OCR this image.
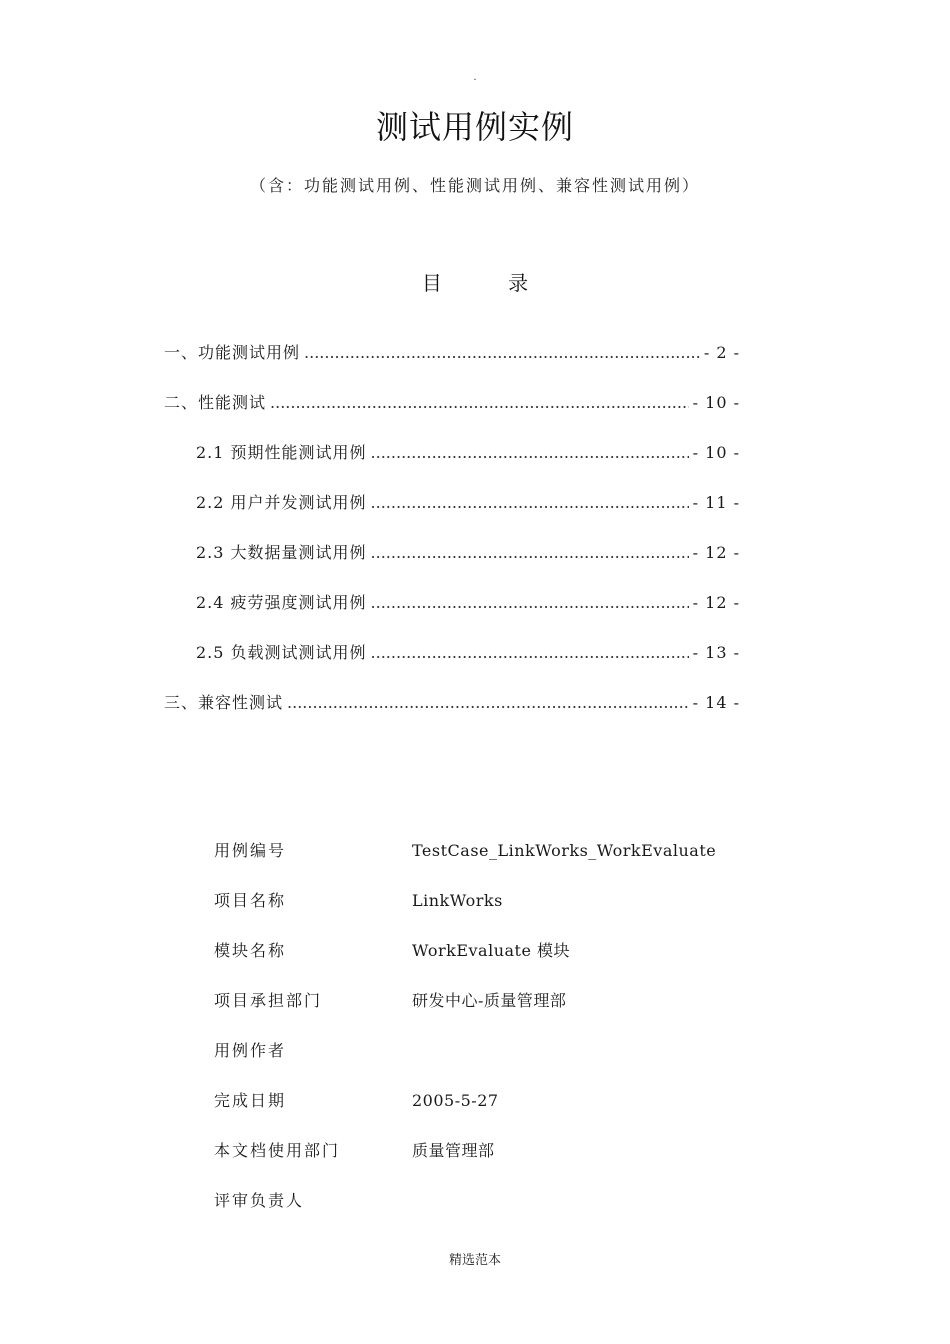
.
测试用例实例
（含：功能测试用例、性能测试用例、兼容性测试用例）
目 录
一、功能测试用例 .....	- 2 -
二、性能测试 .....	- 10 -
2.1 预期性能测试用例 .....	- 10 -
2.2 用户并发测试用例 .....	- 11 -
2.3 大数据量测试用例 .....	- 12 -
2.4 疲劳强度测试用例 .....	- 12 -
2.5 负载测试测试用例 .....	- 13 -
三、兼容性测试 .....	- 14 -
用例编号	TestCase_LinkWorks_WorkEvaluate
项目名称	LinkWorks
模块名称	WorkEvaluate 模块
项目承担部门	研发中心-质量管理部
用例作者
完成日期	2005-5-27
本文档使用部门	质量管理部
评审负责人
精选范本
